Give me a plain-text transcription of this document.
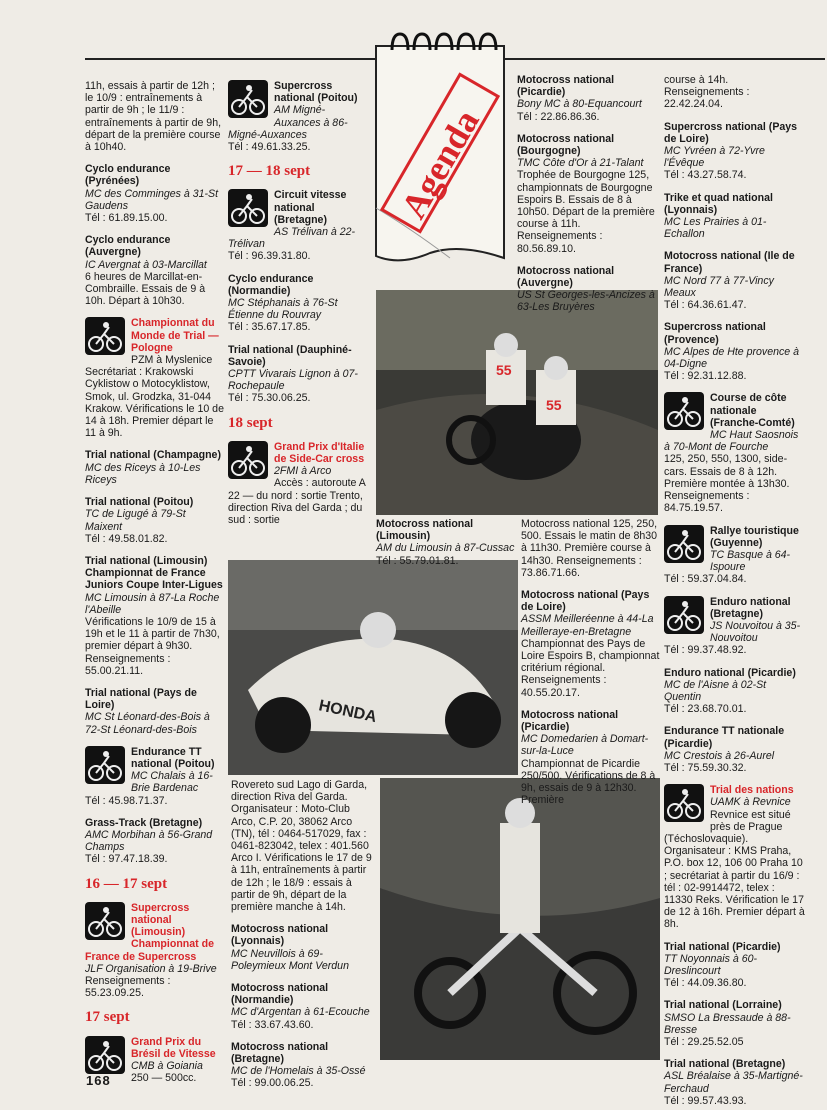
Agenda
55
55
HONDA
11h, essais à partir de 12h ; le 10/9 : entraînements à partir de 9h ; le 11/9 : entraînements à partir de 9h, départ de la première course à 10h40.
Cyclo endurance (Pyrénées)
MC des Comminges à 31-St Gaudens
Tél : 61.89.15.00.
Cyclo endurance (Auvergne)
IC Avergnat à 03-Marcillat
6 heures de Marcillat-en-Combraille. Essais de 9 à 10h. Départ à 10h30.
Championnat du Monde de Trial — Pologne
PZM à Myslenice Secrétariat : Krakowski Cyklistow o Motocyklistow, Smok, ul. Grodzka, 31-044 Krakow. Vérifications le 10 de 14 à 18h. Premier départ le 11 à 9h.
Trial national (Champagne)
MC des Riceys à 10-Les Riceys
Trial national (Poitou)
TC de Ligugé à 79-St Maixent
Tél : 49.58.01.82.
Trial national (Limousin) Championnat de France Juniors Coupe Inter-Ligues
MC Limousin à 87-La Roche l'Abeille
Vérifications le 10/9 de 15 à 19h et le 11 à partir de 7h30, premier départ à 9h30. Renseignements : 55.00.21.11.
Trial national (Pays de Loire)
MC St Léonard-des-Bois à 72-St Léonard-des-Bois
Endurance TT national (Poitou)
MC Chalais à 16-Brie Bardenac
Tél : 45.98.71.37.
Grass-Track (Bretagne)
AMC Morbihan à 56-Grand Champs
Tél : 97.47.18.39.
16 — 17 sept
Supercross national (Limousin) Championnat de France de Supercross
JLF Organisation à 19-Brive
Renseignements : 55.23.09.25.
17 sept
Grand Prix du Brésil de Vitesse
CMB à Goiania
250 — 500cc.
Supercross national (Poitou)
AM Migné-Auxances à 86-Migné-Auxances
Tél : 49.61.33.25.
17 — 18 sept
Circuit vitesse national (Bretagne)
AS Trélivan à 22-Trélivan
Tél : 96.39.31.80.
Cyclo endurance (Normandie)
MC Stéphanais à 76-St Étienne du Rouvray
Tél : 35.67.17.85.
Trial national (Dauphiné-Savoie)
CPTT Vivarais Lignon à 07-Rochepaule
Tél : 75.30.06.25.
18 sept
Grand Prix d'Italie de Side-Car cross
2FMI à Arco
Accès : autoroute A 22 — du nord : sortie Trento, direction Riva del Garda ; du sud : sortie
Rovereto sud Lago di Garda, direction Riva del Garda. Organisateur : Moto-Club Arco, C.P. 20, 38062 Arco (TN), tél : 0464-517029, fax : 0461-823042, telex : 401.560 Arco I. Vérifications le 17 de 9 à 11h, entraînements à partir de 12h ; le 18/9 : essais à partir de 9h, départ de la première manche à 14h.
Motocross national (Lyonnais)
MC Neuvillois à 69-Poleymieux Mont Verdun
Motocross national (Normandie)
MC d'Argentan à 61-Ecouche
Tél : 33.67.43.60.
Motocross national (Bretagne)
MC de l'Homelais à 35-Ossé
Tél : 99.00.06.25.
Motocross national (Picardie)
Bony MC à 80-Equancourt
Tél : 22.86.86.36.
Motocross national (Bourgogne)
TMC Côte d'Or à 21-Talant
Trophée de Bourgogne 125, championnats de Bourgogne Espoirs B. Essais de 8 à 10h50. Départ de la première course à 11h. Renseignements : 80.56.89.10.
Motocross national (Auvergne)
US St Georges-les-Ancizes à 63-Les Bruyères
Motocross national (Limousin)
AM du Limousin à 87-Cussac
Tél : 55.79.01.81.
Motocross national 125, 250, 500. Essais le matin de 8h30 à 11h30. Première course à 14h30. Renseignements : 73.86.71.66.
Motocross national (Pays de Loire)
ASSM Meilleréenne à 44-La Meilleraye-en-Bretagne
Championnat des Pays de Loire Espoirs B, championnat critérium régional. Renseignements : 40.55.20.17.
Motocross national (Picardie)
MC Domedarien à Domart-sur-la-Luce
Championnat de Picardie 250/500. Vérifications de 8 à 9h, essais de 9 à 12h30. Première
course à 14h. Renseignements : 22.42.24.04.
Supercross national (Pays de Loire)
MC Yvréen à 72-Yvre l'Évêque
Tél : 43.27.58.74.
Trike et quad national (Lyonnais)
MC Les Prairies à 01-Echallon
Motocross national (Ile de France)
MC Nord 77 à 77-Vincy Meaux
Tél : 64.36.61.47.
Supercross national (Provence)
MC Alpes de Hte provence à 04-Digne
Tél : 92.31.12.88.
Course de côte nationale (Franche-Comté)
MC Haut Saosnois à 70-Mont de Fourche
125, 250, 550, 1300, side-cars. Essais de 8 à 12h. Première montée à 13h30. Renseignements : 84.75.19.57.
Rallye touristique (Guyenne)
TC Basque à 64-Ispoure
Tél : 59.37.04.84.
Enduro national (Bretagne)
JS Nouvoitou à 35-Nouvoitou
Tél : 99.37.48.92.
Enduro national (Picardie)
MC de l'Aisne à 02-St Quentin
Tél : 23.68.70.01.
Endurance TT nationale (Picardie)
MC Crestois à 26-Aurel
Tél : 75.59.30.32.
Trial des nations
UAMK à Revnice
Revnice est situé près de Prague (Téchoslovaquie). Organisateur : KMS Praha, P.O. box 12, 106 00 Praha 10 ; secrétariat à partir du 16/9 : tél : 02-9914472, telex : 11330 Reks. Vérification le 17 de 12 à 16h. Premier départ à 8h.
Trial national (Picardie)
TT Noyonnais à 60-Dreslincourt
Tél : 44.09.36.80.
Trial national (Lorraine)
SMSO La Bressaude à 88-Bresse
Tél : 29.25.52.05
Trial national (Bretagne)
ASL Bréalaise à 35-Martigné-Ferchaud
Tél : 99.57.43.93.
168
